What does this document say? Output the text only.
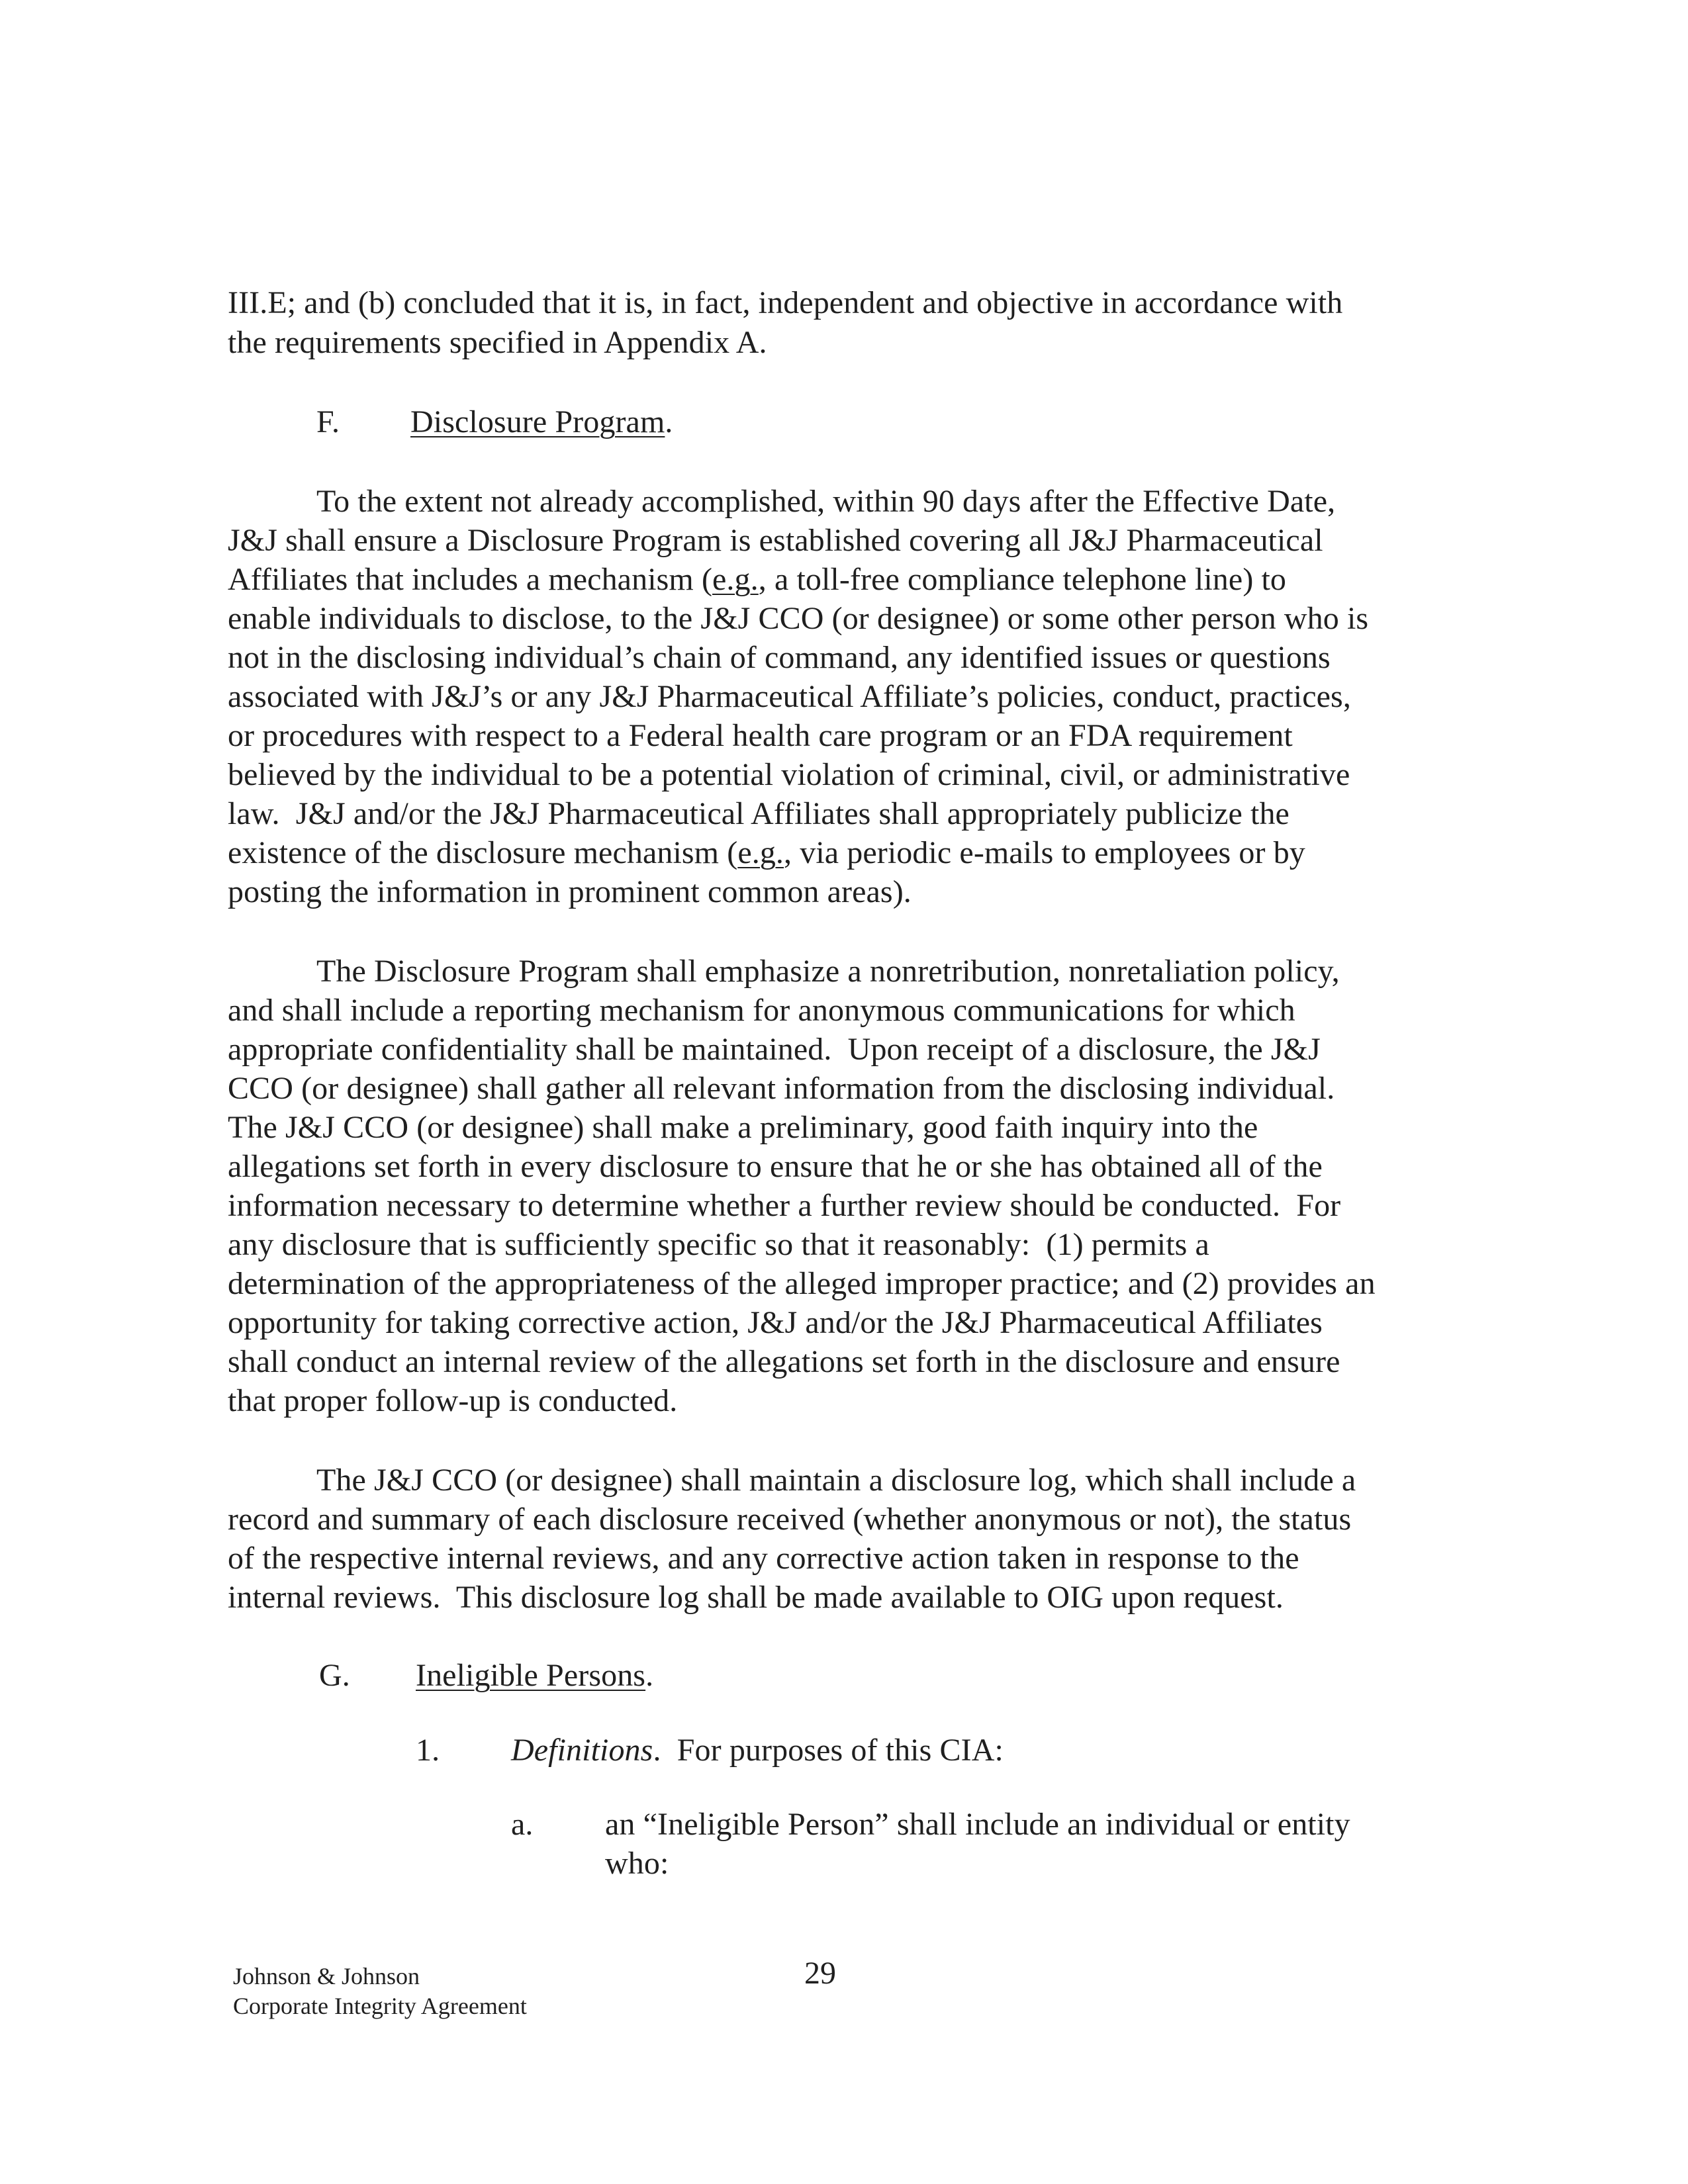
III.E; and (b) concluded that it is, in fact, independent and objective in accordance with
the requirements specified in Appendix A.
F. Disclosure Program.
To the extent not already accomplished, within 90 days after the Effective Date,
J&J shall ensure a Disclosure Program is established covering all J&J Pharmaceutical
Affiliates that includes a mechanism (e.g., a toll-free compliance telephone line) to
enable individuals to disclose, to the J&J CCO (or designee) or some other person who is
not in the disclosing individual’s chain of command, any identified issues or questions
associated with J&J’s or any J&J Pharmaceutical Affiliate’s policies, conduct, practices,
or procedures with respect to a Federal health care program or an FDA requirement
believed by the individual to be a potential violation of criminal, civil, or administrative
law.  J&J and/or the J&J Pharmaceutical Affiliates shall appropriately publicize the
existence of the disclosure mechanism (e.g., via periodic e-mails to employees or by
posting the information in prominent common areas).
The Disclosure Program shall emphasize a nonretribution, nonretaliation policy,
and shall include a reporting mechanism for anonymous communications for which
appropriate confidentiality shall be maintained.  Upon receipt of a disclosure, the J&J
CCO (or designee) shall gather all relevant information from the disclosing individual.
The J&J CCO (or designee) shall make a preliminary, good faith inquiry into the
allegations set forth in every disclosure to ensure that he or she has obtained all of the
information necessary to determine whether a further review should be conducted.  For
any disclosure that is sufficiently specific so that it reasonably:  (1) permits a
determination of the appropriateness of the alleged improper practice; and (2) provides an
opportunity for taking corrective action, J&J and/or the J&J Pharmaceutical Affiliates
shall conduct an internal review of the allegations set forth in the disclosure and ensure
that proper follow-up is conducted.
The J&J CCO (or designee) shall maintain a disclosure log, which shall include a
record and summary of each disclosure received (whether anonymous or not), the status
of the respective internal reviews, and any corrective action taken in response to the
internal reviews.  This disclosure log shall be made available to OIG upon request.
G. Ineligible Persons.
1. Definitions.  For purposes of this CIA:
a. an “Ineligible Person” shall include an individual or entity
who:
Johnson & Johnson
Corporate Integrity Agreement
29
